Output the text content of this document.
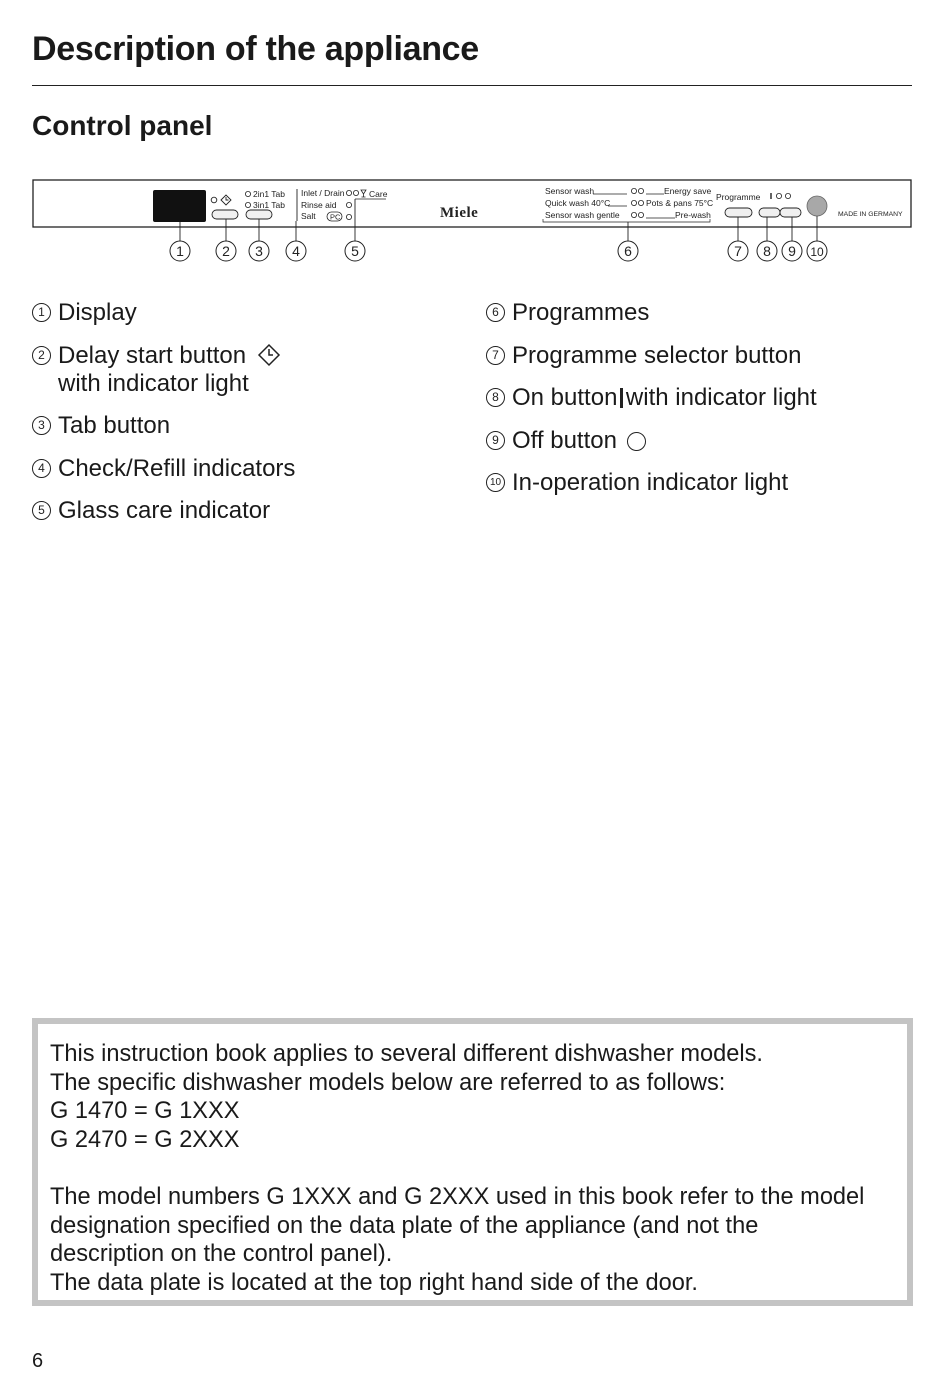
Description of the appliance
Control panel
2in1 Tab
3in1 Tab
Inlet / Drain	Care
Rinse aid
Salt PC	Miele
Sensor wash
Quick wash 40°C
Sensor wash gentle
Energy save
Pots & pans 75°C
Pre-wash
Programme
MADE IN GERMANY
1	2 3 4	5	6	7 8 9 10
1 Display
2 Delay start button
with indicator light
3 Tab button
4 Check/Refill indicators
5 Glass care indicator
6 Programmes
7 Programme selector button
8 On button with indicator light
9 Off button
10 In-operation indicator light
This instruction book applies to several different dishwasher models.
The specific dishwasher models below are referred to as follows:
G 1470 = G 1XXX
G 2470 = G 2XXX
The model numbers G 1XXX and G 2XXX used in this book refer to the model
designation specified on the data plate of the appliance (and not the
description on the control panel).
The data plate is located at the top right hand side of the door.
6
